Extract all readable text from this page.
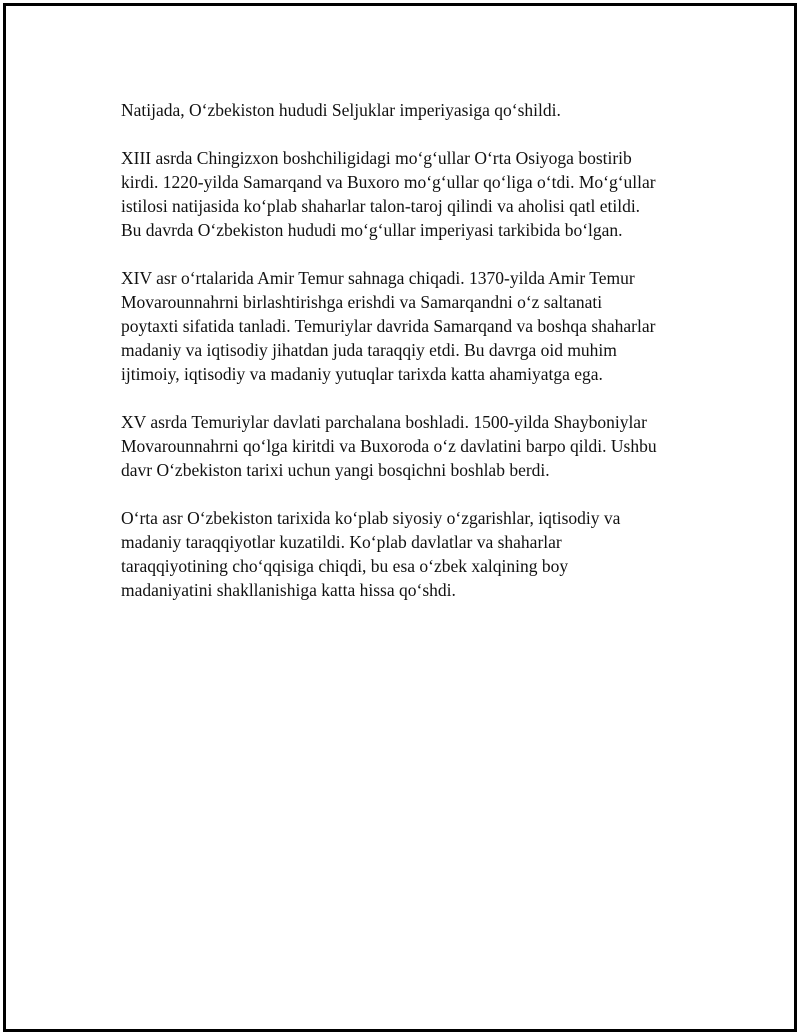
Natijada, O‘zbekiston hududi Seljuklar imperiyasiga qo‘shildi.

XIII asrda Chingizxon boshchiligidagi mo‘g‘ullar O‘rta Osiyoga bostirib
kirdi. 1220-yilda Samarqand va Buxoro mo‘g‘ullar qo‘liga o‘tdi. Mo‘g‘ullar
istilosi natijasida ko‘plab shaharlar talon-taroj qilindi va aholisi qatl etildi.
Bu davrda O‘zbekiston hududi mo‘g‘ullar imperiyasi tarkibida bo‘lgan.

XIV asr o‘rtalarida Amir Temur sahnaga chiqadi. 1370-yilda Amir Temur
Movarounnahrni birlashtirishga erishdi va Samarqandni o‘z saltanati
poytaxti sifatida tanladi. Temuriylar davrida Samarqand va boshqa shaharlar
madaniy va iqtisodiy jihatdan juda taraqqiy etdi. Bu davrga oid muhim
ijtimoiy, iqtisodiy va madaniy yutuqlar tarixda katta ahamiyatga ega.

XV asrda Temuriylar davlati parchalana boshladi. 1500-yilda Shayboniylar
Movarounnahrni qo‘lga kiritdi va Buxoroda o‘z davlatini barpo qildi. Ushbu
davr O‘zbekiston tarixi uchun yangi bosqichni boshlab berdi.

O‘rta asr O‘zbekiston tarixida ko‘plab siyosiy o‘zgarishlar, iqtisodiy va
madaniy taraqqiyotlar kuzatildi. Ko‘plab davlatlar va shaharlar
taraqqiyotining cho‘qqisiga chiqdi, bu esa o‘zbek xalqining boy
madaniyatini shakllanishiga katta hissa qo‘shdi.
